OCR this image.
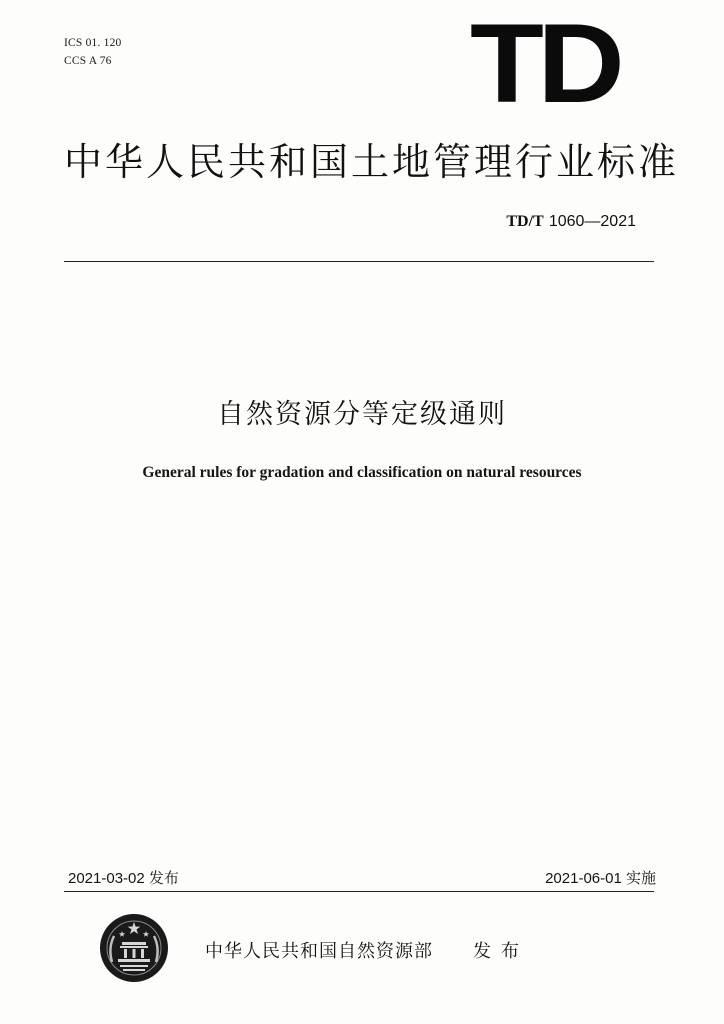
ICS 01. 120
CCS A 76	TD
中华人民共和国土地管理行业标准
TD/T 1060—2021
自然资源分等定级通则
General rules for gradation and classification on natural resources
2021-03-02 发布	2021-06-01 实施
中华人民共和国自然资源部 发布
